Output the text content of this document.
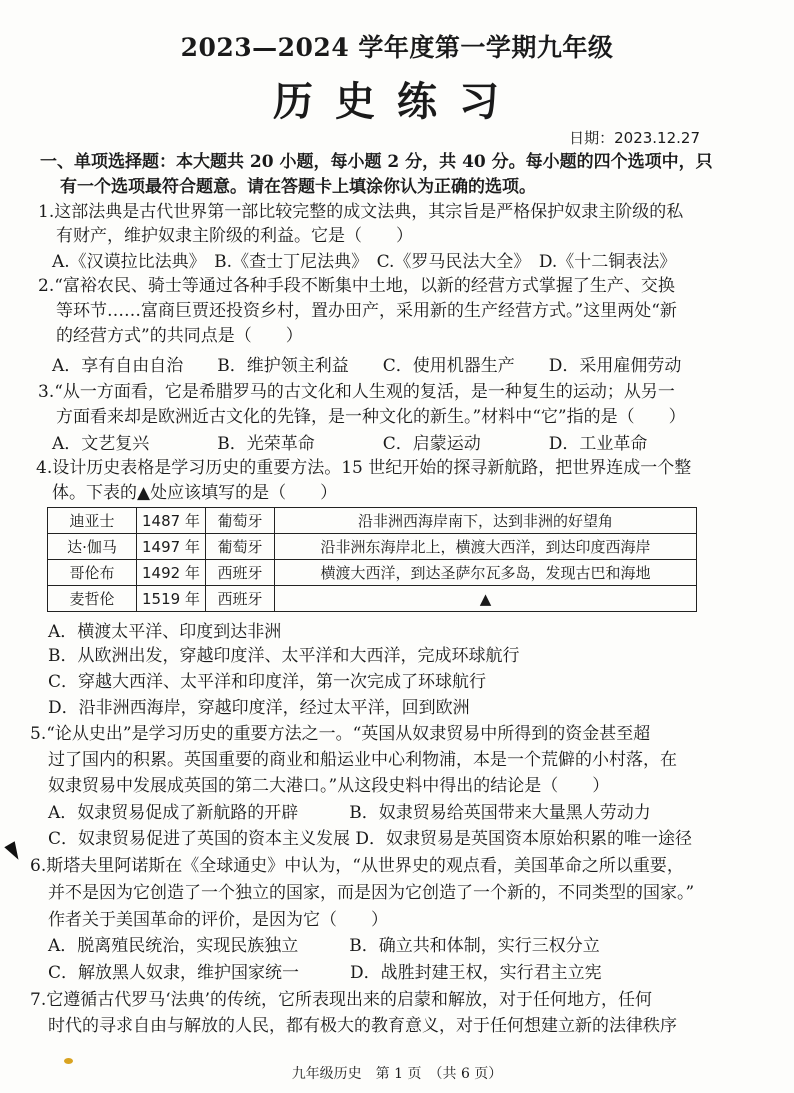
2023—2024 学年度第一学期九年级
历史练习
日期：2023.12.27
一、单项选择题：本大题共 20 小题，每小题 2 分，共 40 分。每小题的四个选项中，只
有一个选项最符合题意。请在答题卡上填涂你认为正确的选项。
1.这部法典是古代世界第一部比较完整的成文法典，其宗旨是严格保护奴隶主阶级的私
有财产，维护奴隶主阶级的利益。它是（　　）
A.《汉谟拉比法典》　B.《查士丁尼法典》　C.《罗马民法大全》　D.《十二铜表法》
2.“富裕农民、骑士等通过各种手段不断集中土地，以新的经营方式掌握了生产、交换
等环节……富商巨贾还投资乡村，置办田产，采用新的生产经营方式。”这里两处“新
的经营方式”的共同点是（　　）
A．享有自由自治　　B．维护领主利益　　C．使用机器生产　　D．采用雇佣劳动
3.“从一方面看，它是希腊罗马的古文化和人生观的复活，是一种复生的运动；从另一
方面看来却是欧洲近古文化的先锋，是一种文化的新生。”材料中“它”指的是（　　）
A．文艺复兴　　　　B．光荣革命　　　　C．启蒙运动　　　　D．工业革命
4.设计历史表格是学习历史的重要方法。15 世纪开始的探寻新航路，把世界连成一个整
体。下表的▲处应该填写的是（　　）
A．横渡太平洋、印度到达非洲
B．从欧洲出发，穿越印度洋、太平洋和大西洋，完成环球航行
C．穿越大西洋、太平洋和印度洋，第一次完成了环球航行
D．沿非洲西海岸，穿越印度洋，经过太平洋，回到欧洲
5.“论从史出”是学习历史的重要方法之一。“英国从奴隶贸易中所得到的资金甚至超
过了国内的积累。英国重要的商业和船运业中心利物浦，本是一个荒僻的小村落，在
奴隶贸易中发展成英国的第二大港口。”从这段史料中得出的结论是（　　）
A．奴隶贸易促成了新航路的开辟　　　B．奴隶贸易给英国带来大量黑人劳动力
C．奴隶贸易促进了英国的资本主义发展 D．奴隶贸易是英国资本原始积累的唯一途径
6.斯塔夫里阿诺斯在《全球通史》中认为，“从世界史的观点看，美国革命之所以重要，
并不是因为它创造了一个独立的国家，而是因为它创造了一个新的，不同类型的国家。”
作者关于美国革命的评价，是因为它（　　）
A．脱离殖民统治，实现民族独立　　　B．确立共和体制，实行三权分立
C．解放黑人奴隶，维护国家统一　　　D．战胜封建王权，实行君主立宪
7.它遵循古代罗马‘法典’的传统，它所表现出来的启蒙和解放，对于任何地方，任何
时代的寻求自由与解放的人民，都有极大的教育意义，对于任何想建立新的法律秩序
迪亚士	1487 年	葡萄牙	沿非洲西海岸南下，达到非洲的好望角
达·伽马	1497 年	葡萄牙	沿非洲东海岸北上，横渡大西洋，到达印度西海岸
哥伦布	1492 年	西班牙	横渡大西洋，到达圣萨尔瓦多岛，发现古巴和海地
麦哲伦	1519 年	西班牙	▲
九年级历史　第 1 页　（共 6 页）
